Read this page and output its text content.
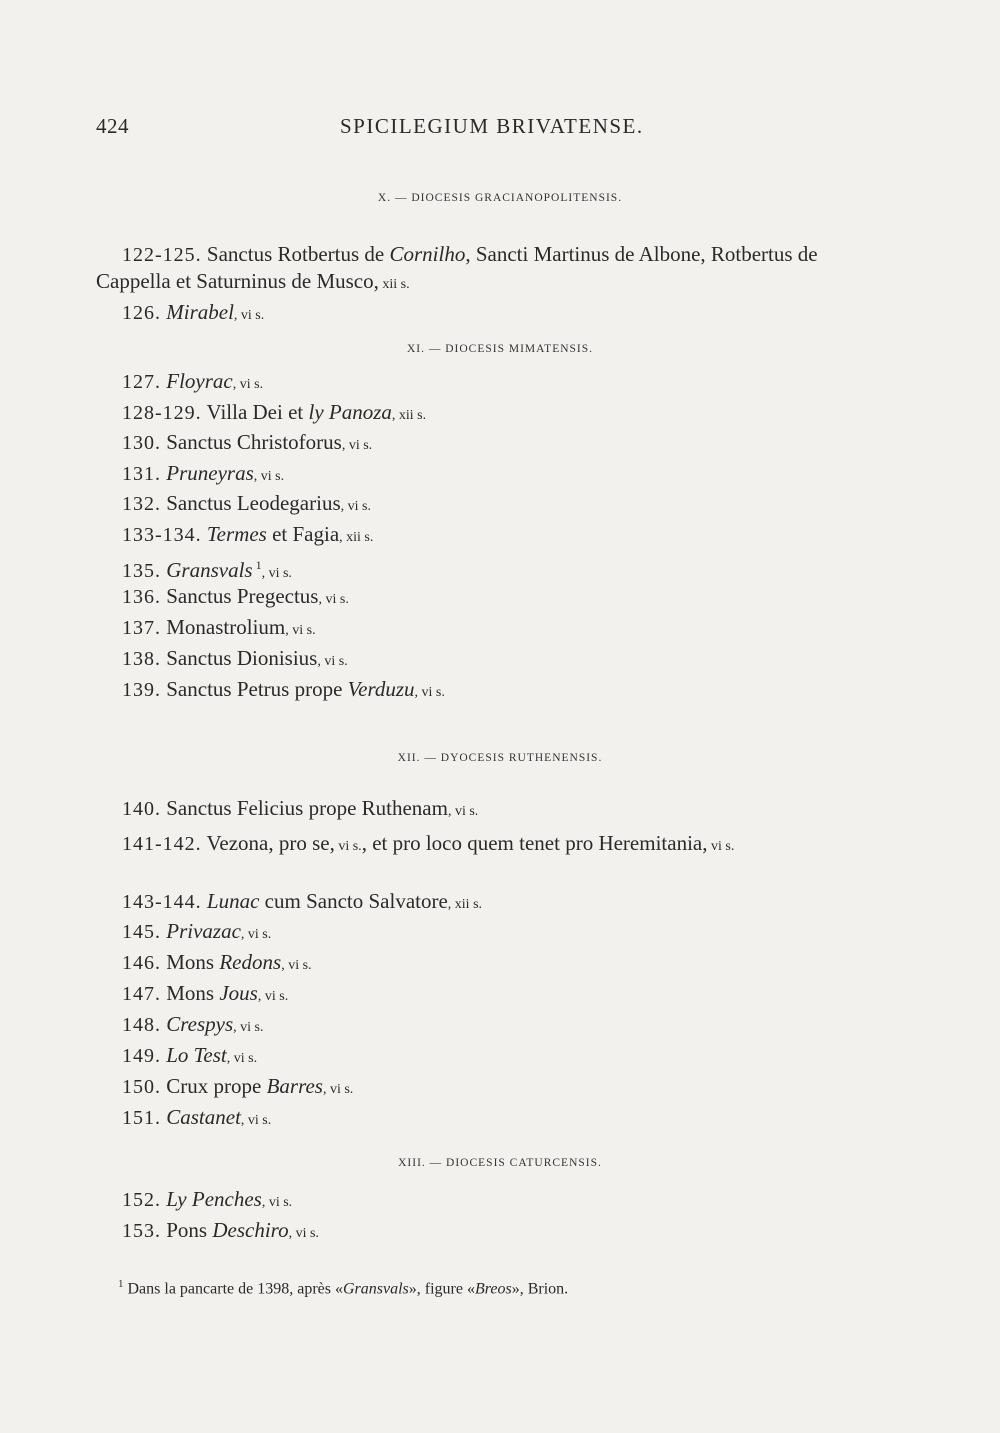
424	SPICILEGIUM BRIVATENSE.
X. — DIOCESIS GRACIANOPOLITENSIS.
122-125. Sanctus Rotbertus de Cornilho, Sancti Martinus de Albone, Rotbertus de Cappella et Saturninus de Musco, xii s.
126. Mirabel, vi s.
XI. — DIOCESIS MIMATENSIS.
127. Floyrac, vi s.
128-129. Villa Dei et ly Panoza, xii s.
130. Sanctus Christoforus, vi s.
131. Pruneyras, vi s.
132. Sanctus Leodegarius, vi s.
133-134. Termes et Fagia, xii s.
135. Gransvals $^1$, vi s.
136. Sanctus Pregectus, vi s.
137. Monastrolium, vi s.
138. Sanctus Dionisius, vi s.
139. Sanctus Petrus prope Verduzu, vi s.
XII. — DYOCESIS RUTHENENSIS.
140. Sanctus Felicius prope Ruthenam, vi s.
141-142. Vezona, pro se, vi s., et pro loco quem tenet pro Heremitania, vi s.
143-144. Lunac cum Sancto Salvatore, xii s.
145. Privazac, vi s.
146. Mons Redons, vi s.
147. Mons Jous, vi s.
148. Crespys, vi s.
149. Lo Test, vi s.
150. Crux prope Barres, vi s.
151. Castanet, vi s.
XIII. — DIOCESIS CATURCENSIS.
152. Ly Penches, vi s.
153. Pons Deschiro, vi s.
$^1$ Dans la pancarte de 1398, après «Gransvals», figure «Breos», Brion.
